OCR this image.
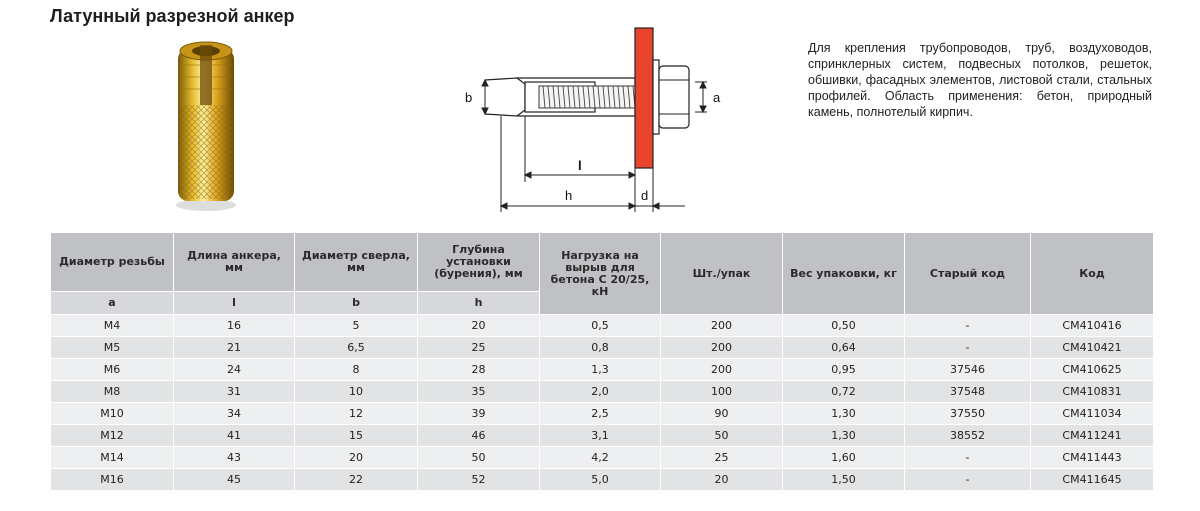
Латунный разрезной анкер
b	a
l
h	d
Для крепления трубопроводов, труб, воздуховодов, спринклерных систем, подвесных потолков, решеток, обшивки, фасадных элементов, листовой стали, стальных профилей. Область применения: бетон, природный камень, полнотелый кирпич.
Диаметр резьбы	Длина анкера, мм	Диаметр сверла, мм	Глубина установки (бурения), мм	Нагрузка на вырыв для бетона C 20/25, кН	Шт./упак	Вес упаковки, кг	Старый код	Код
a	l	b	h					
M4	16	5	20	0,5	200	0,50	-	CM410416
M5	21	6,5	25	0,8	200	0,64	-	CM410421
M6	24	8	28	1,3	200	0,95	37546	CM410625
M8	31	10	35	2,0	100	0,72	37548	CM410831
M10	34	12	39	2,5	90	1,30	37550	CM411034
M12	41	15	46	3,1	50	1,30	38552	CM411241
M14	43	20	50	4,2	25	1,60	-	CM411443
M16	45	22	52	5,0	20	1,50	-	CM411645
